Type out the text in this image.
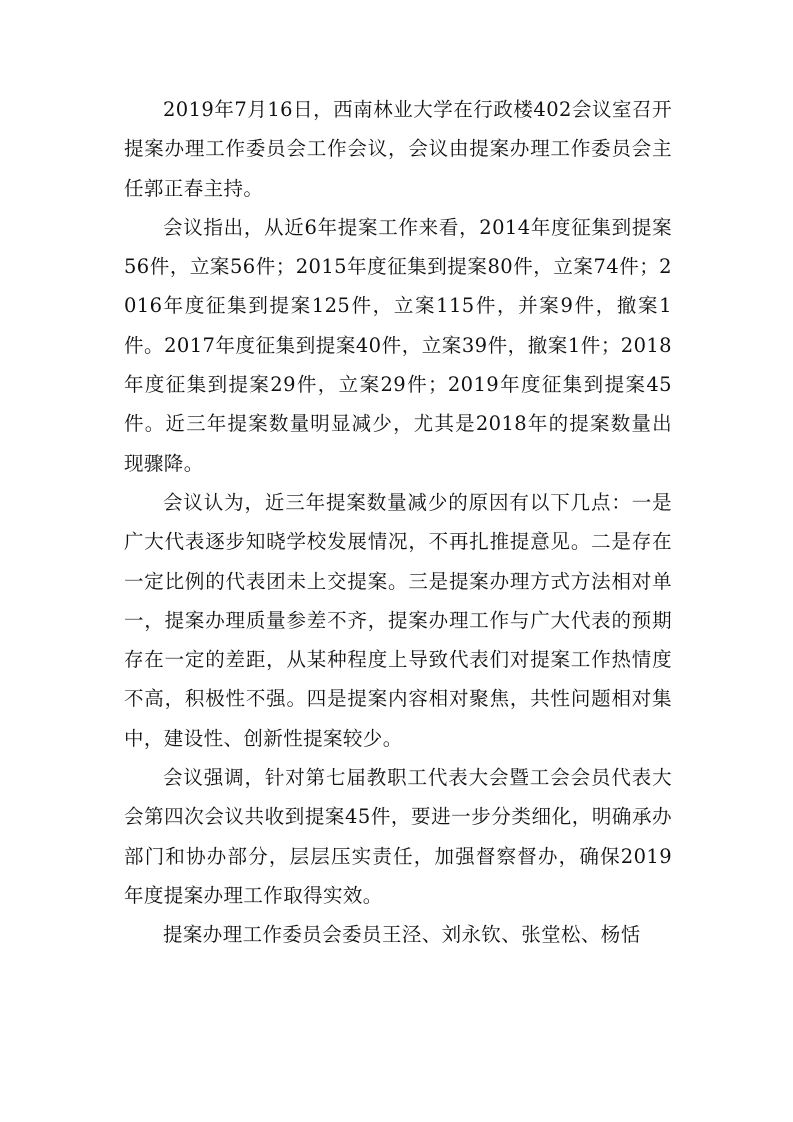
2019年7月16日，西南林业大学在行政楼402会议室召开提案办理工作委员会工作会议，会议由提案办理工作委员会主任郭正春主持。

会议指出，从近6年提案工作来看，2014年度征集到提案56件，立案56件；2015年度征集到提案80件，立案74件；2016年度征集到提案125件，立案115件，并案9件，撤案1件。2017年度征集到提案40件，立案39件，撤案1件；2018年度征集到提案29件，立案29件；2019年度征集到提案45件。近三年提案数量明显减少，尤其是2018年的提案数量出现骤降。

会议认为，近三年提案数量减少的原因有以下几点：一是广大代表逐步知晓学校发展情况，不再扎推提意见。二是存在一定比例的代表团未上交提案。三是提案办理方式方法相对单一，提案办理质量参差不齐，提案办理工作与广大代表的预期存在一定的差距，从某种程度上导致代表们对提案工作热情度不高，积极性不强。四是提案内容相对聚焦，共性问题相对集中，建设性、创新性提案较少。

会议强调，针对第七届教职工代表大会暨工会会员代表大会第四次会议共收到提案45件，要进一步分类细化，明确承办部门和协办部分，层层压实责任，加强督察督办，确保2019年度提案办理工作取得实效。

提案办理工作委员会委员王泾、刘永钦、张堂松、杨恬
